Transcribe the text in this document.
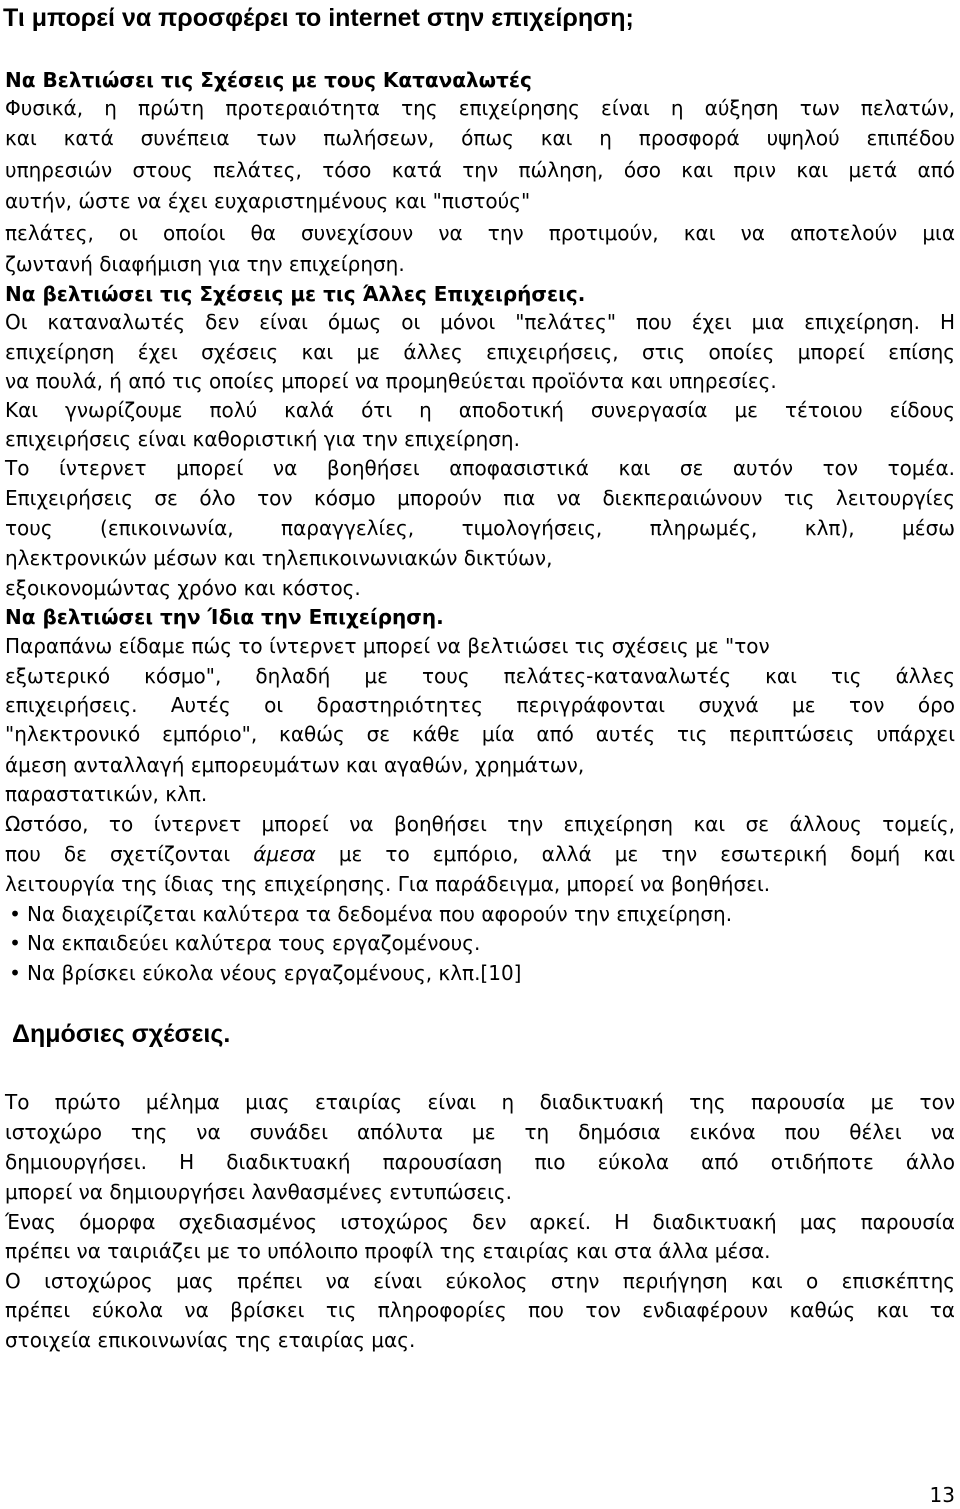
Τι μπορεί να προσφέρει το internet στην επιχείρηση;
Να Βελτιώσει τις Σχέσεις με τους Καταναλωτές
Φυσικά, η πρώτη προτεραιότητα της επιχείρησης είναι η αύξηση των πελατών,
και κατά συνέπεια των πωλήσεων, όπως και η προσφορά υψηλού επιπέδου
υπηρεσιών στους πελάτες, τόσο κατά την πώληση, όσο και πριν και μετά από
αυτήν, ώστε να έχει ευχαριστημένους και "πιστούς"
πελάτες, οι οποίοι θα συνεχίσουν να την προτιμούν, και να αποτελούν μια
ζωντανή διαφήμιση για την επιχείρηση.
Να βελτιώσει τις Σχέσεις με τις Άλλες Επιχειρήσεις.
Οι καταναλωτές δεν είναι όμως οι μόνοι "πελάτες" που έχει μια επιχείρηση. Η
επιχείρηση έχει σχέσεις και με άλλες επιχειρήσεις, στις οποίες μπορεί επίσης
να πουλά, ή από τις οποίες μπορεί να προμηθεύεται προϊόντα και υπηρεσίες.
Και γνωρίζουμε πολύ καλά ότι η αποδοτική συνεργασία με τέτοιου είδους
επιχειρήσεις είναι καθοριστική για την επιχείρηση.
Το ίντερνετ μπορεί να βοηθήσει αποφασιστικά και σε αυτόν τον τομέα.
Επιχειρήσεις σε όλο τον κόσμο μπορούν πια να διεκπεραιώνουν τις λειτουργίες
τους (επικοινωνία, παραγγελίες, τιμολογήσεις, πληρωμές, κλπ), μέσω
ηλεκτρονικών μέσων και τηλεπικοινωνιακών δικτύων,
εξοικονομώντας χρόνο και κόστος.
Να βελτιώσει την Ίδια την Επιχείρηση.
Παραπάνω είδαμε πώς το ίντερνετ μπορεί να βελτιώσει τις σχέσεις με "τον
εξωτερικό κόσμο", δηλαδή με τους πελάτες-καταναλωτές και τις άλλες
επιχειρήσεις. Αυτές οι δραστηριότητες περιγράφονται συχνά με τον όρο
"ηλεκτρονικό εμπόριο", καθώς σε κάθε μία από αυτές τις περιπτώσεις υπάρχει
άμεση ανταλλαγή εμπορευμάτων και αγαθών, χρημάτων,
παραστατικών, κλπ.
Ωστόσο, το ίντερνετ μπορεί να βοηθήσει την επιχείρηση και σε άλλους τομείς,
που δε σχετίζονται άμεσα με το εμπόριο, αλλά με την εσωτερική δομή και
λειτουργία της ίδιας της επιχείρησης. Για παράδειγμα, μπορεί να βοηθήσει.
• Να διαχειρίζεται καλύτερα τα δεδομένα που αφορούν την επιχείρηση.
• Να εκπαιδεύει καλύτερα τους εργαζομένους.
• Να βρίσκει εύκολα νέους εργαζομένους, κλπ.[10]
Δημόσιες σχέσεις.
Το πρώτο μέλημα μιας εταιρίας είναι η διαδικτυακή της παρουσία με τον
ιστοχώρο της να συνάδει απόλυτα με τη δημόσια εικόνα που θέλει να
δημιουργήσει. Η διαδικτυακή παρουσίαση πιο εύκολα από οτιδήποτε άλλο
μπορεί να δημιουργήσει λανθασμένες εντυπώσεις.
Ένας όμορφα σχεδιασμένος ιστοχώρος δεν αρκεί. Η διαδικτυακή μας παρουσία
πρέπει να ταιριάζει με το υπόλοιπο προφίλ της εταιρίας και στα άλλα μέσα.
Ο ιστοχώρος μας πρέπει να είναι εύκολος στην περιήγηση και ο επισκέπτης
πρέπει εύκολα να βρίσκει τις πληροφορίες που τον ενδιαφέρουν καθώς και τα
στοιχεία επικοινωνίας της εταιρίας μας.
13
